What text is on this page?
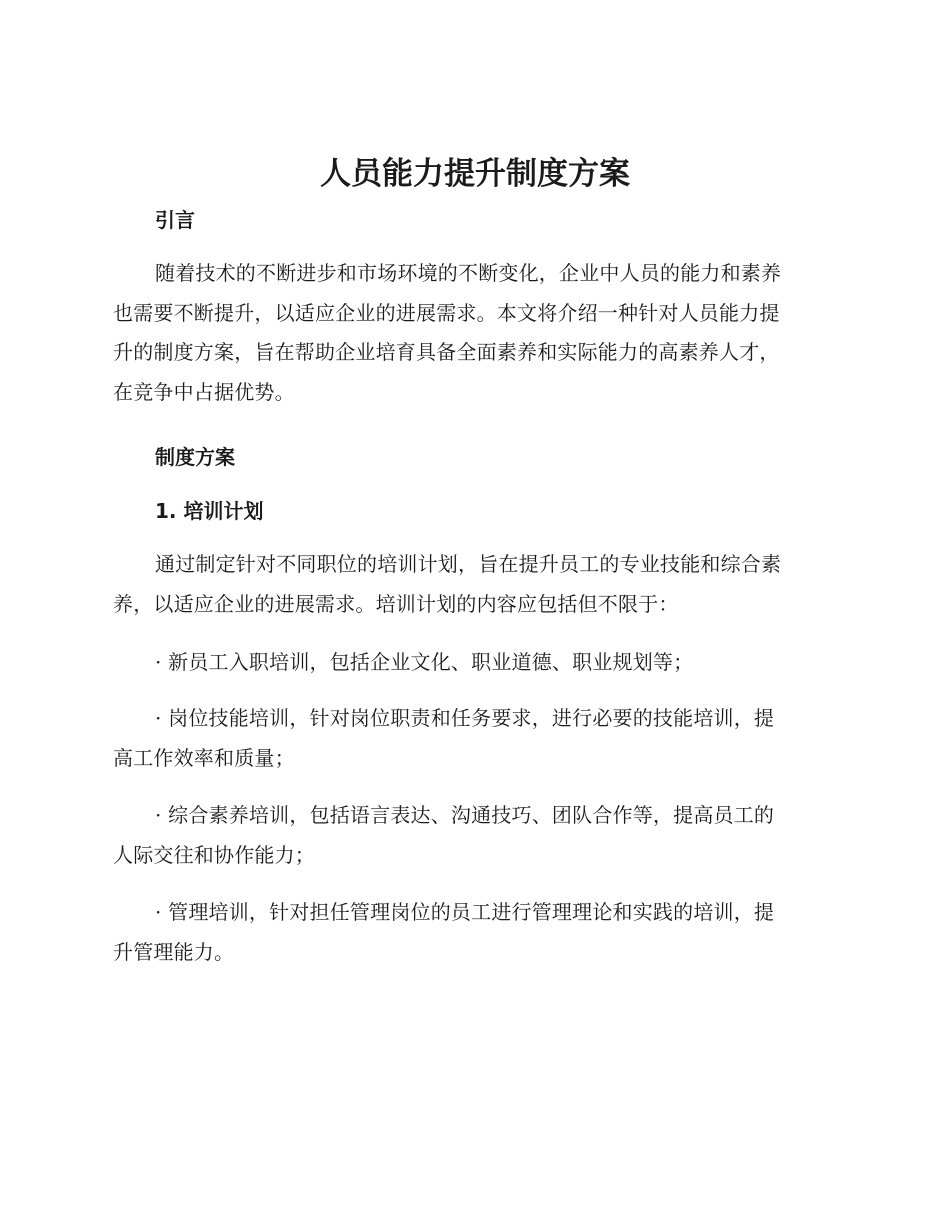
人员能力提升制度方案
引言

随着技术的不断进步和市场环境的不断变化，企业中人员的能力和素养
也需要不断提升，以适应企业的进展需求。本文将介绍一种针对人员能力提
升的制度方案，旨在帮助企业培育具备全面素养和实际能力的高素养人才，
在竞争中占据优势。

制度方案
1. 培训计划

通过制定针对不同职位的培训计划，旨在提升员工的专业技能和综合素
养，以适应企业的进展需求。培训计划的内容应包括但不限于：

· 新员工入职培训，包括企业文化、职业道德、职业规划等；

· 岗位技能培训，针对岗位职责和任务要求，进行必要的技能培训，提
高工作效率和质量；

· 综合素养培训，包括语言表达、沟通技巧、团队合作等，提高员工的
人际交往和协作能力；

· 管理培训，针对担任管理岗位的员工进行管理理论和实践的培训，提
升管理能力。
